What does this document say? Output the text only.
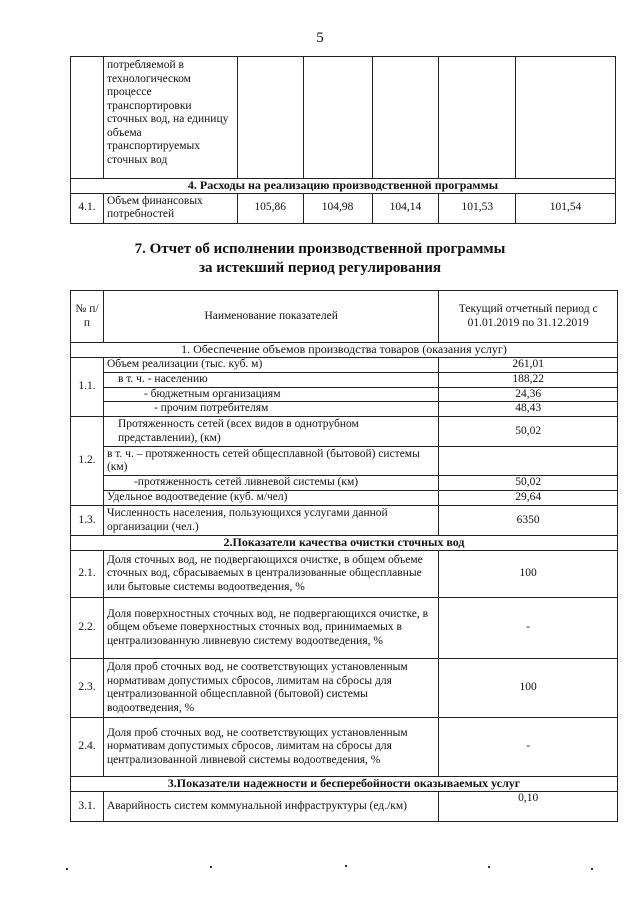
5
	потребляемой в технологическом процессе транспортировки сточных вод, на единицу объема транспортируемых сточных вод					
4. Расходы на реализацию производственной программы						
4.1.	Объем финансовых потребностей	105,86	104,98	104,14	101,53	101,54
7. Отчет об исполнении производственной программы
за истекший период регулирования
№ п/п	Наименование показателей	Текущий отчетный период с 01.01.2019 по 31.12.2019
1. Обеспечение объемов производства товаров (оказания услуг)		
1.1.	Объем реализации (тыс. куб. м)	261,01
	в т. ч. - населению	188,22
	- бюджетным организациям	24,36
	- прочим потребителям	48,43
1.2.	Протяженность сетей (всех видов в однотрубном представлении), (км)	50,02
	в т. ч. – протяженность сетей общесплавной (бытовой) системы (км)	
	-протяженность сетей ливневой системы (км)	50,02
	Удельное водоотведение (куб. м/чел)	29,64
1.3.	Численность населения, пользующихся услугами данной организации (чел.)	6350
2.Показатели качества очистки сточных вод		
2.1.	Доля сточных вод, не подвергающихся очистке, в общем объеме сточных вод, сбрасываемых в централизованные общесплавные или бытовые системы водоотведения, %	100
2.2.	Доля поверхностных сточных вод, не подвергающихся очистке, в общем объеме поверхностных сточных вод, принимаемых в централизованную ливневую систему водоотведения, %	-
2.3.	Доля проб сточных вод, не соответствующих установленным нормативам допустимых сбросов, лимитам на сбросы для централизованной общесплавной (бытовой) системы водоотведения, %	100
2.4.	Доля проб сточных вод, не соответствующих установленным нормативам допустимых сбросов, лимитам на сбросы для централизованной ливневой системы водоотведения, %	-
3.Показатели надежности и бесперебойности оказываемых услуг		
3.1.	Аварийность систем коммунальной инфраструктуры (ед./км)	0,10
